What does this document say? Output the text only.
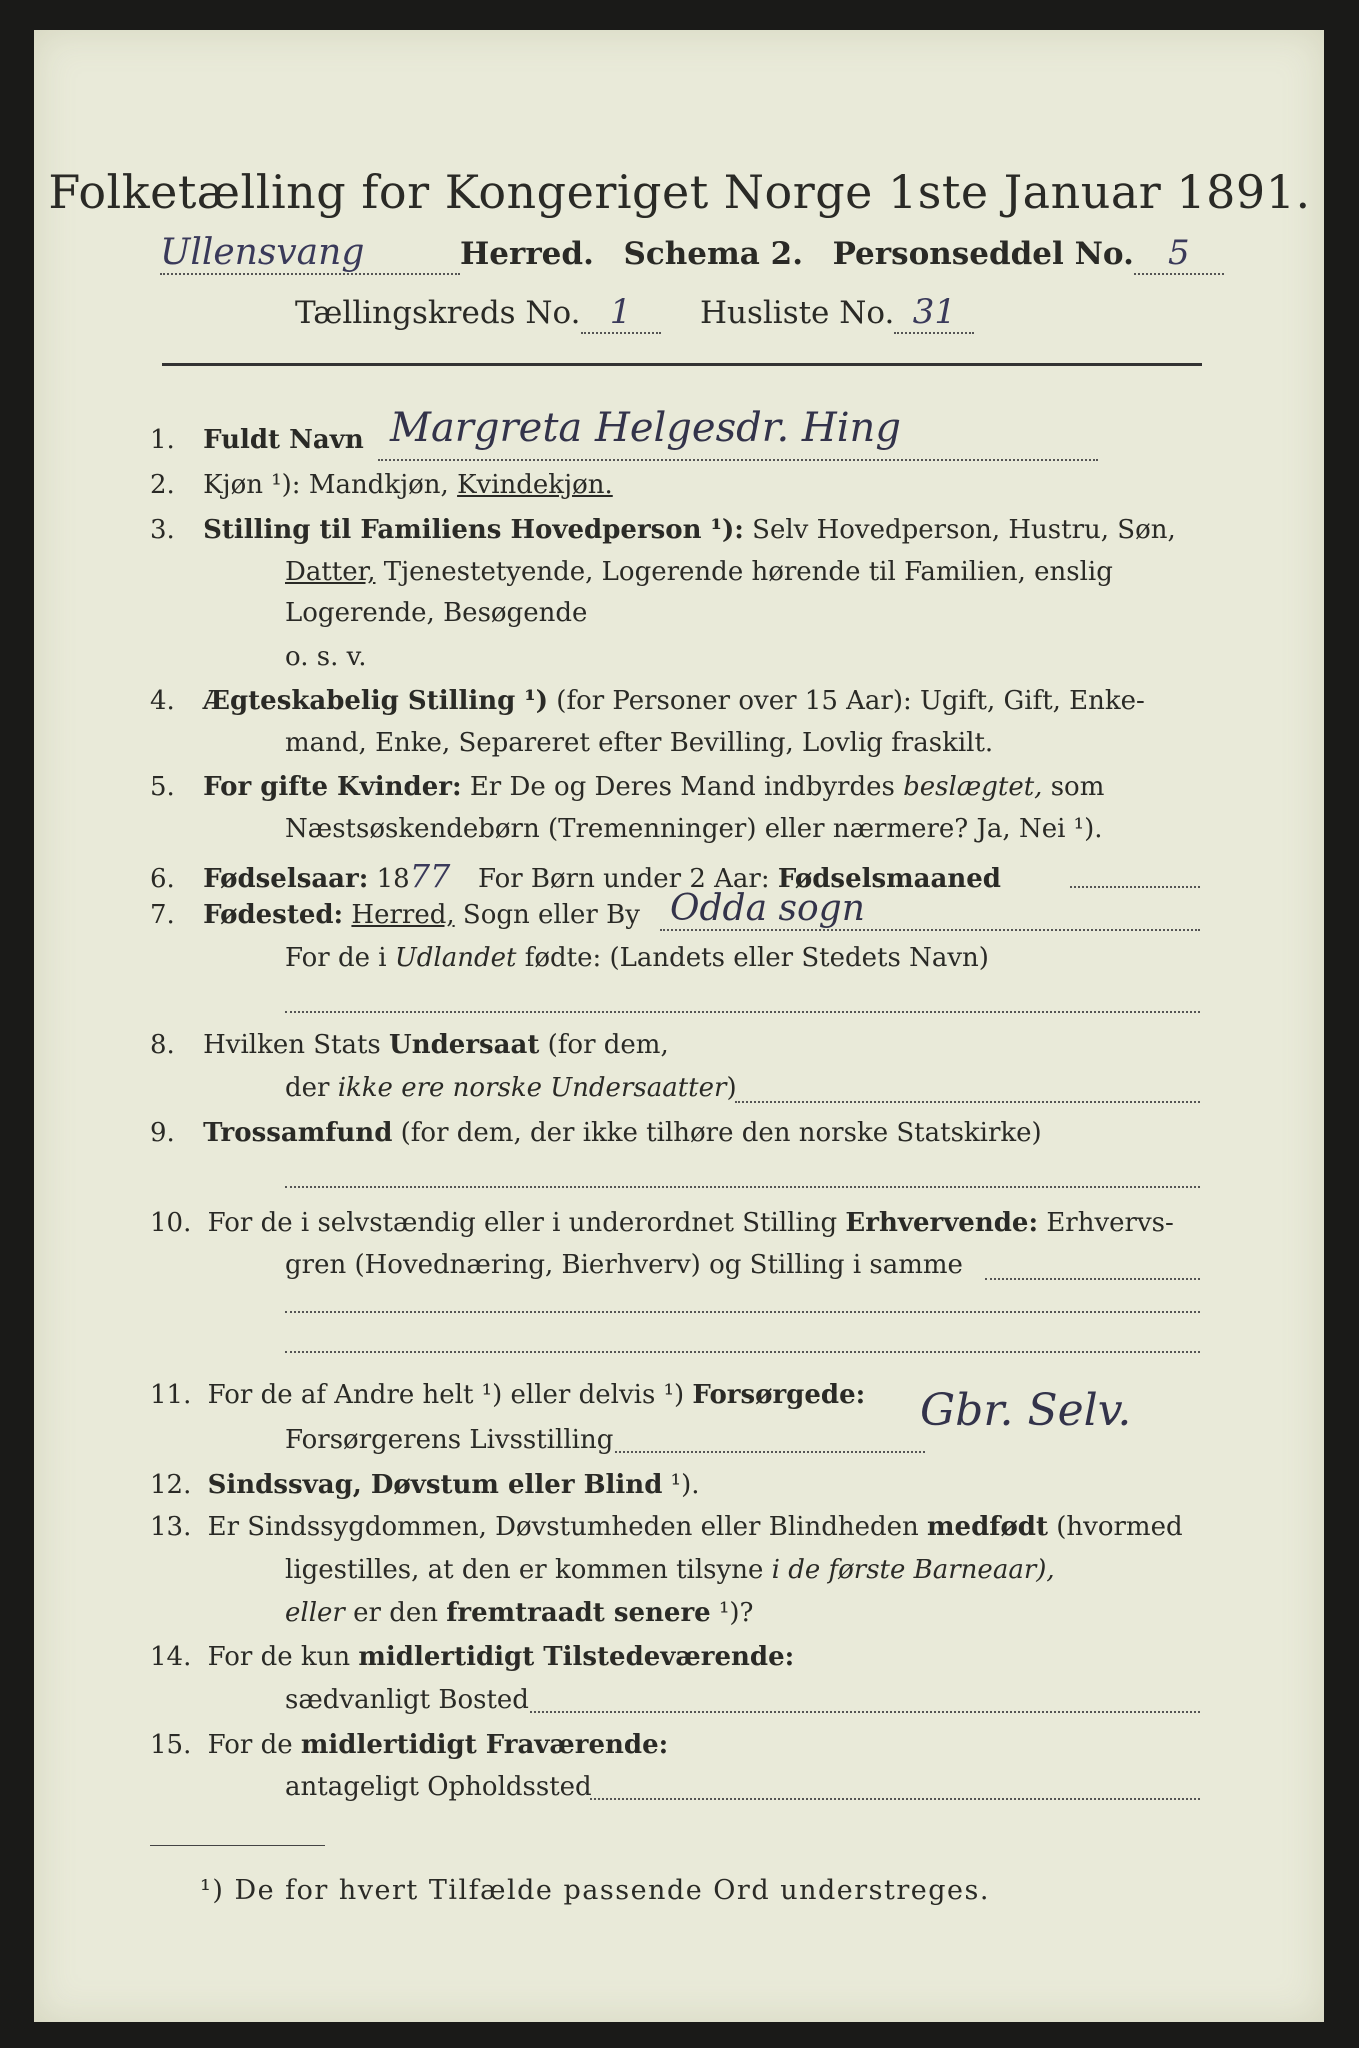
Folketælling for Kongeriget Norge 1ste Januar 1891.
Ullensvang	Herred. Schema 2. Personseddel No. 5
Tællingskreds No. 1 Husliste No. 31
1. Fuldt Navn Margreta Helgesdr. Hing
2. Kjøn ¹): Mandkjøn, Kvindekjøn.
3. Stilling til Familiens Hovedperson ¹): Selv Hovedperson, Hustru, Søn,
Datter, Tjenestetyende, Logerende hørende til Familien, enslig
Logerende, Besøgende
o. s. v.
4. Ægteskabelig Stilling ¹) (for Personer over 15 Aar): Ugift, Gift, Enke-
mand, Enke, Separeret efter Bevilling, Lovlig fraskilt.
5. For gifte Kvinder: Er De og Deres Mand indbyrdes beslægtet, som
Næstsøskendebørn (Tremenninger) eller nærmere? Ja, Nei ¹).
6. Fødselsaar: 1877 For Børn under 2 Aar: Fødselsmaaned
7. Fødested: Herred, Sogn eller By Odda sogn
For de i Udlandet fødte: (Landets eller Stedets Navn)
8. Hvilken Stats Undersaat (for dem,
der ikke ere norske Undersaatter)
9. Trossamfund (for dem, der ikke tilhøre den norske Statskirke)
10. For de i selvstændig eller i underordnet Stilling Erhvervende: Erhvervs-
gren (Hovednæring, Bierhverv) og Stilling i samme
11. For de af Andre helt ¹) eller delvis ¹) Forsørgede:
Forsørgerens Livsstilling
Gbr. Selv.
12. Sindssvag, Døvstum eller Blind ¹).
13. Er Sindssygdommen, Døvstumheden eller Blindheden medfødt (hvormed
ligestilles, at den er kommen tilsyne i de første Barneaar),
eller er den fremtraadt senere ¹)?
14. For de kun midlertidigt Tilstedeværende:
sædvanligt Bosted
15. For de midlertidigt Fraværende:
antageligt Opholdssted
¹) De for hvert Tilfælde passende Ord understreges.
